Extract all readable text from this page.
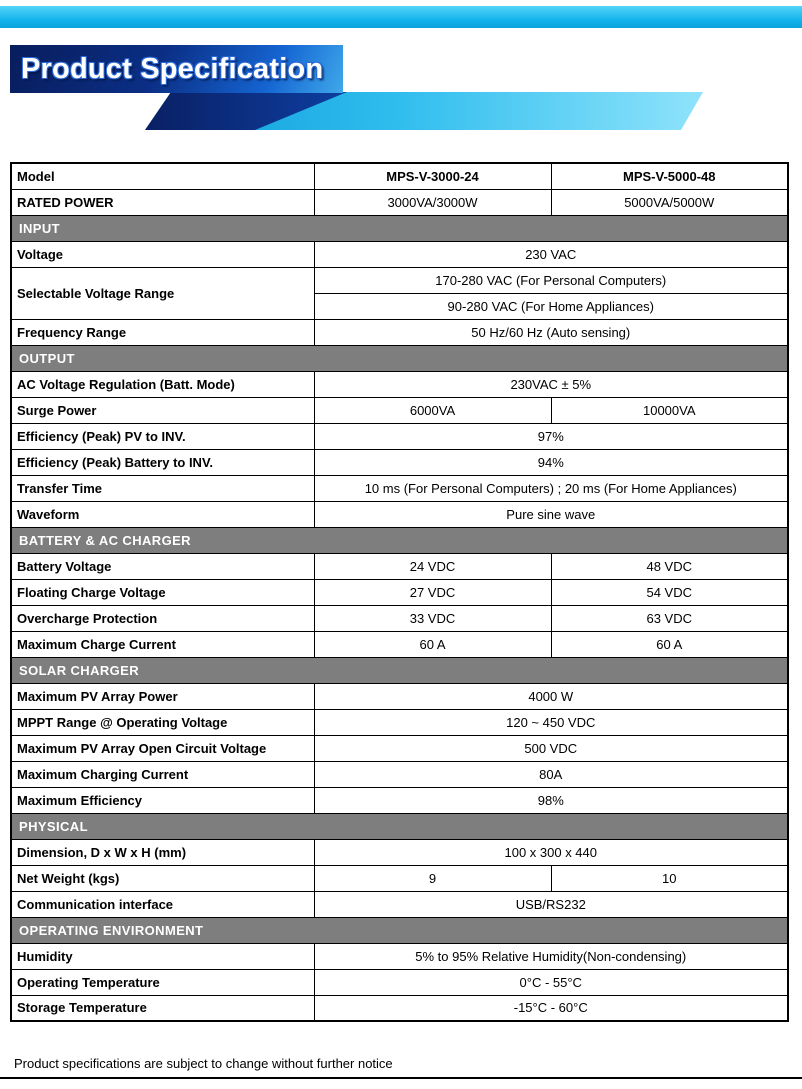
Product Specification
Model	MPS-V-3000-24	MPS-V-5000-48
RATED POWER	3000VA/3000W	5000VA/5000W
INPUT		
Voltage	230 VAC	
Selectable Voltage Range	170-280 VAC (For Personal Computers)	
	90-280 VAC (For Home Appliances)	
Frequency Range	50 Hz/60 Hz (Auto sensing)	
OUTPUT		
AC Voltage Regulation (Batt. Mode)	230VAC ± 5%	
Surge Power	6000VA	10000VA
Efficiency (Peak) PV to INV.	97%	
Efficiency (Peak) Battery to INV.	94%	
Transfer Time	10 ms (For Personal Computers) ; 20 ms (For Home Appliances)	
Waveform	Pure sine wave	
BATTERY & AC CHARGER		
Battery Voltage	24 VDC	48 VDC
Floating Charge Voltage	27 VDC	54 VDC
Overcharge Protection	33 VDC	63 VDC
Maximum Charge Current	60 A	60 A
SOLAR CHARGER		
Maximum PV Array Power	4000 W	
MPPT Range @ Operating Voltage	120 ~ 450 VDC	
Maximum PV Array Open Circuit Voltage	500 VDC	
Maximum Charging Current	80A	
Maximum Efficiency	98%	
PHYSICAL		
Dimension, D x W x H (mm)	100 x 300 x 440	
Net Weight (kgs)	9	10
Communication interface	USB/RS232	
OPERATING ENVIRONMENT		
Humidity	5% to 95% Relative Humidity(Non-condensing)	
Operating Temperature	0°C - 55°C	
Storage Temperature	-15°C - 60°C	
Product specifications are subject to change without further notice
